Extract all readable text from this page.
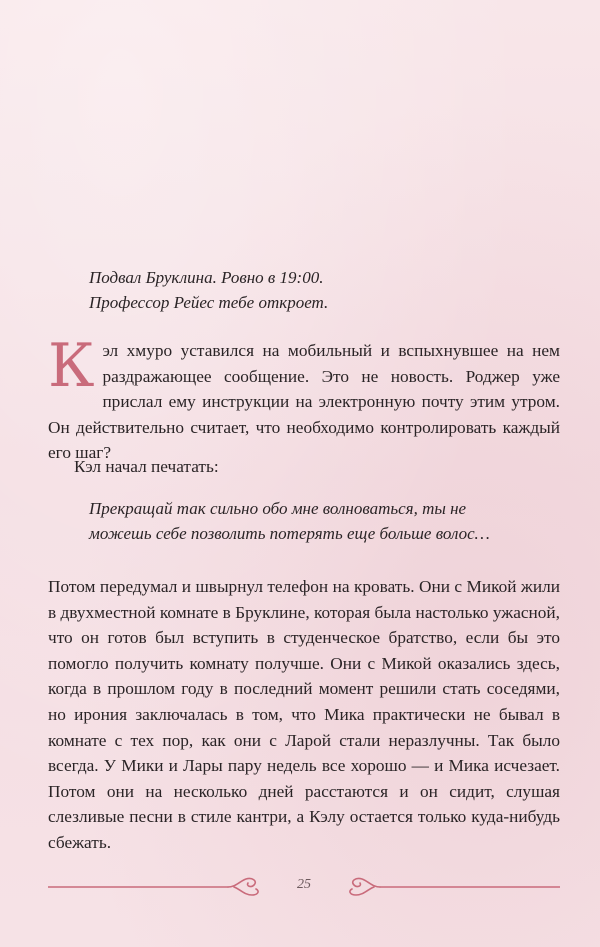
Подвал Бруклина. Ровно в 19:00.
Профессор Рейес тебе откроет.
Кэл хмуро уставился на мобильный и вспыхнувшее на нем раздражающее сообщение. Это не новость. Роджер уже прислал ему инструкции на электронную почту этим утром. Он действительно считает, что необходимо контролировать каждый его шаг?
Кэл начал печатать:
Прекращай так сильно обо мне волноваться, ты не
можешь себе позволить потерять еще больше волос…
Потом передумал и швырнул телефон на кровать. Они с Микой жили в двухместной комнате в Бруклине, которая была настолько ужасной, что он готов был вступить в студенческое братство, если бы это помогло получить комнату получше. Они с Микой оказались здесь, когда в прошлом году в последний момент решили стать соседями, но ирония заключалась в том, что Мика практически не бывал в комнате с тех пор, как они с Ларой стали неразлучны. Так было всегда. У Мики и Лары пару недель все хорошо — и Мика исчезает. Потом они на несколько дней расстаются и он сидит, слушая слезливые песни в стиле кантри, а Кэлу остается только куда-нибудь сбежать.
25
